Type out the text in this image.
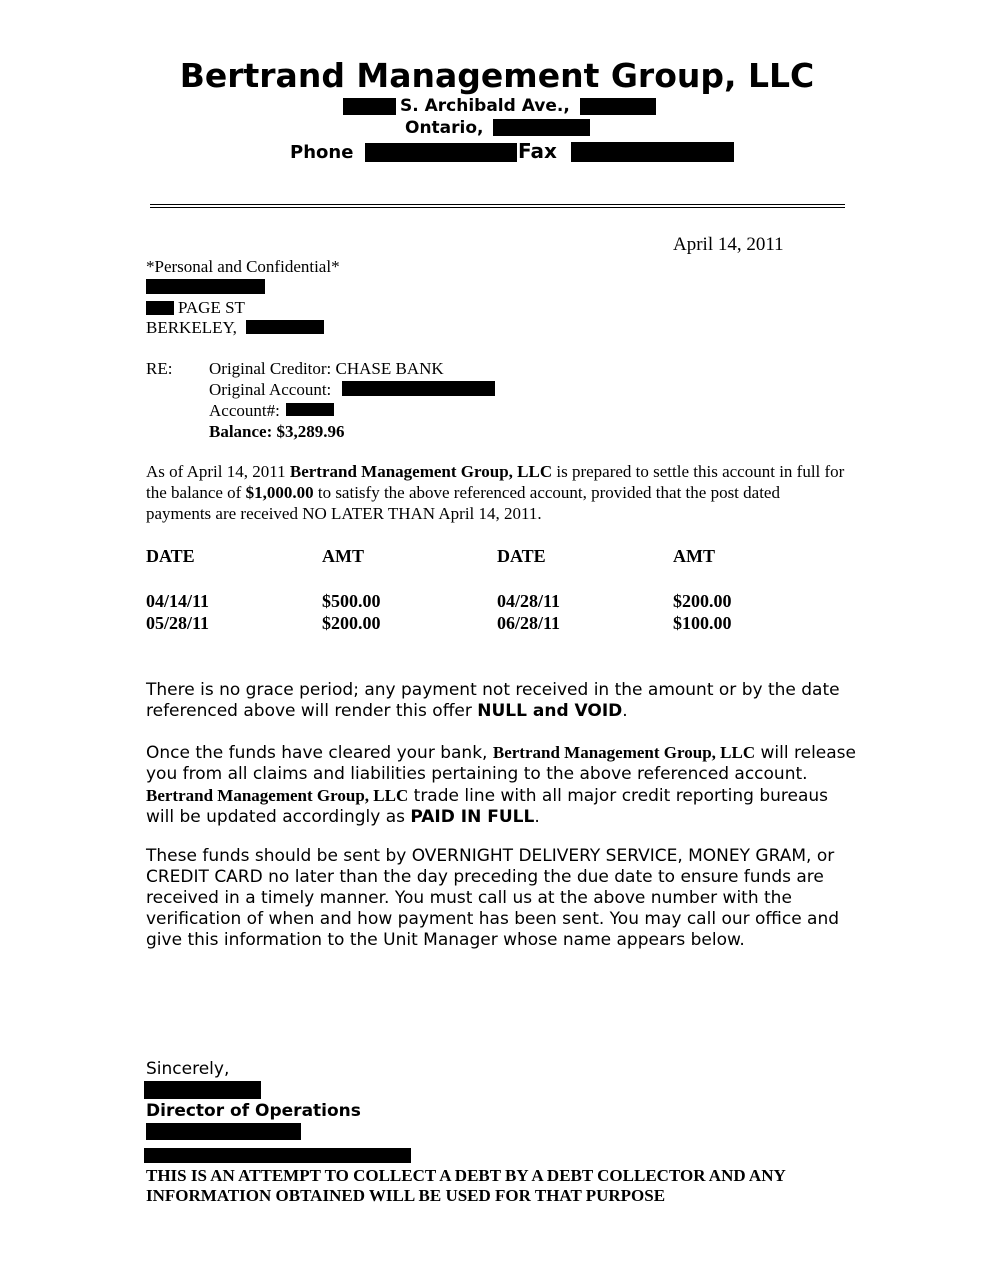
Bertrand Management Group, LLC
S. Archibald Ave.,
Ontario,
Phone	Fax
April 14, 2011
*Personal and Confidential*
PAGE ST
BERKELEY,
RE: Original Creditor: CHASE BANK
Original Account:
Account#:
Balance: $3,289.96
As of April 14, 2011 Bertrand Management Group, LLC is prepared to settle this account in full for the balance of $1,000.00 to satisfy the above referenced account, provided that the post dated payments are received NO LATER THAN April 14, 2011.
DATE	AMT	DATE	AMT
04/14/11	$500.00	04/28/11	$200.00
05/28/11	$200.00	06/28/11	$100.00
There is no grace period; any payment not received in the amount or by the date referenced above will render this offer NULL and VOID.
Once the funds have cleared your bank, Bertrand Management Group, LLC will release you from all claims and liabilities pertaining to the above referenced account. Bertrand Management Group, LLC trade line with all major credit reporting bureaus will be updated accordingly as PAID IN FULL.
These funds should be sent by OVERNIGHT DELIVERY SERVICE, MONEY GRAM, or CREDIT CARD no later than the day preceding the due date to ensure funds are received in a timely manner. You must call us at the above number with the verification of when and how payment has been sent. You may call our office and give this information to the Unit Manager whose name appears below.
Sincerely,
Director of Operations
THIS IS AN ATTEMPT TO COLLECT A DEBT BY A DEBT COLLECTOR AND ANY INFORMATION OBTAINED WILL BE USED FOR THAT PURPOSE
